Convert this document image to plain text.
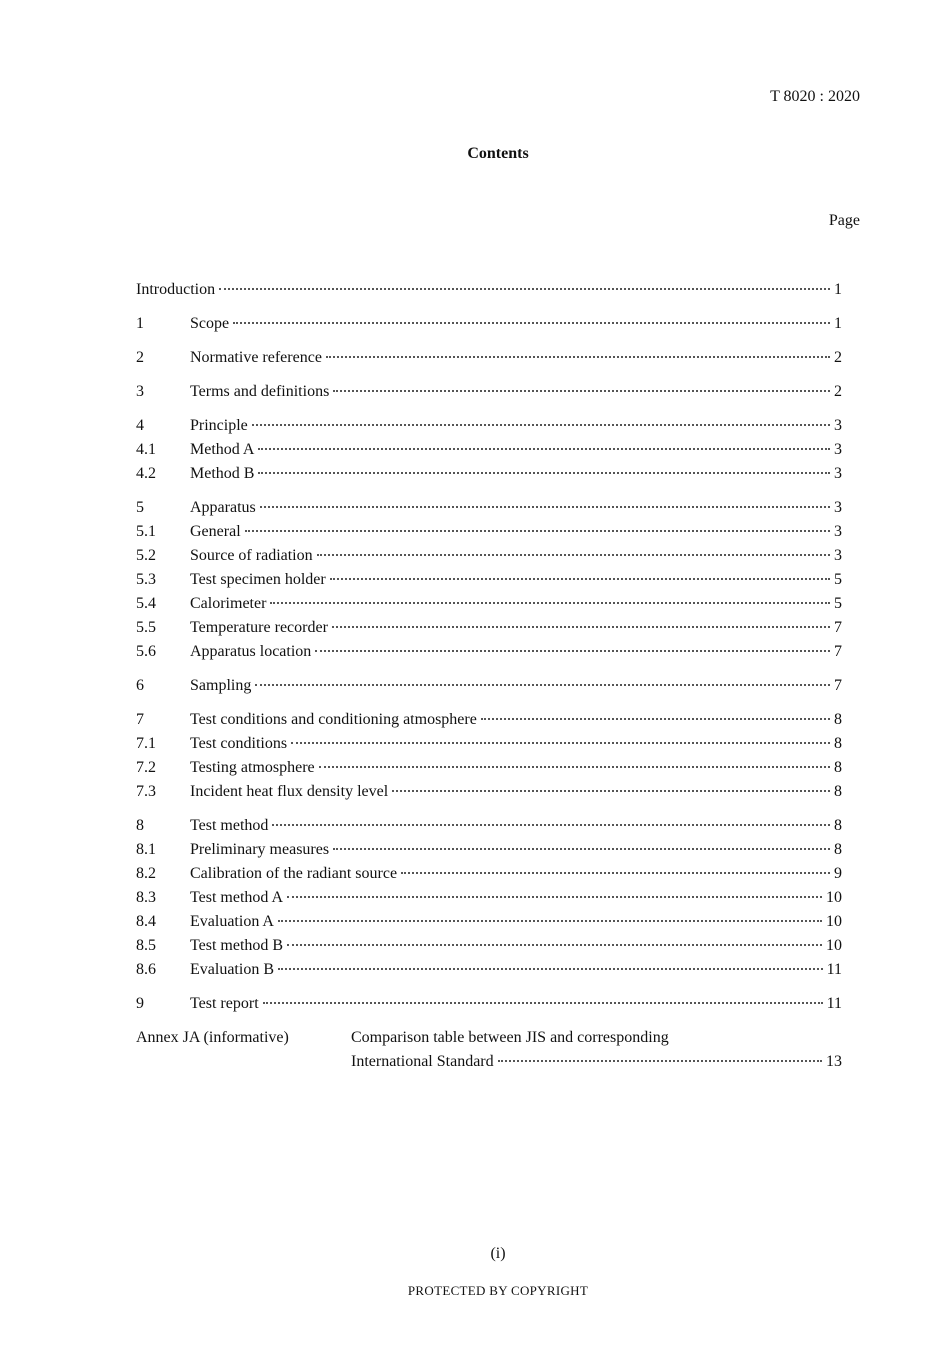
T 8020 : 2020
Contents
Page
Introduction	1
1	Scope	1
2	Normative reference	2
3	Terms and definitions	2
4	Principle	3
4.1	Method A	3
4.2	Method B	3
5	Apparatus	3
5.1	General	3
5.2	Source of radiation	3
5.3	Test specimen holder	5
5.4	Calorimeter	5
5.5	Temperature recorder	7
5.6	Apparatus location	7
6	Sampling	7
7	Test conditions and conditioning atmosphere	8
7.1	Test conditions	8
7.2	Testing atmosphere	8
7.3	Incident heat flux density level	8
8	Test method	8
8.1	Preliminary measures	8
8.2	Calibration of the radiant source	9
8.3	Test method A	10
8.4	Evaluation A	10
8.5	Test method B	10
8.6	Evaluation B	11
9	Test report	11
Annex JA (informative)	Comparison table between JIS and corresponding
International Standard	13
(i)
PROTECTED BY COPYRIGHT
